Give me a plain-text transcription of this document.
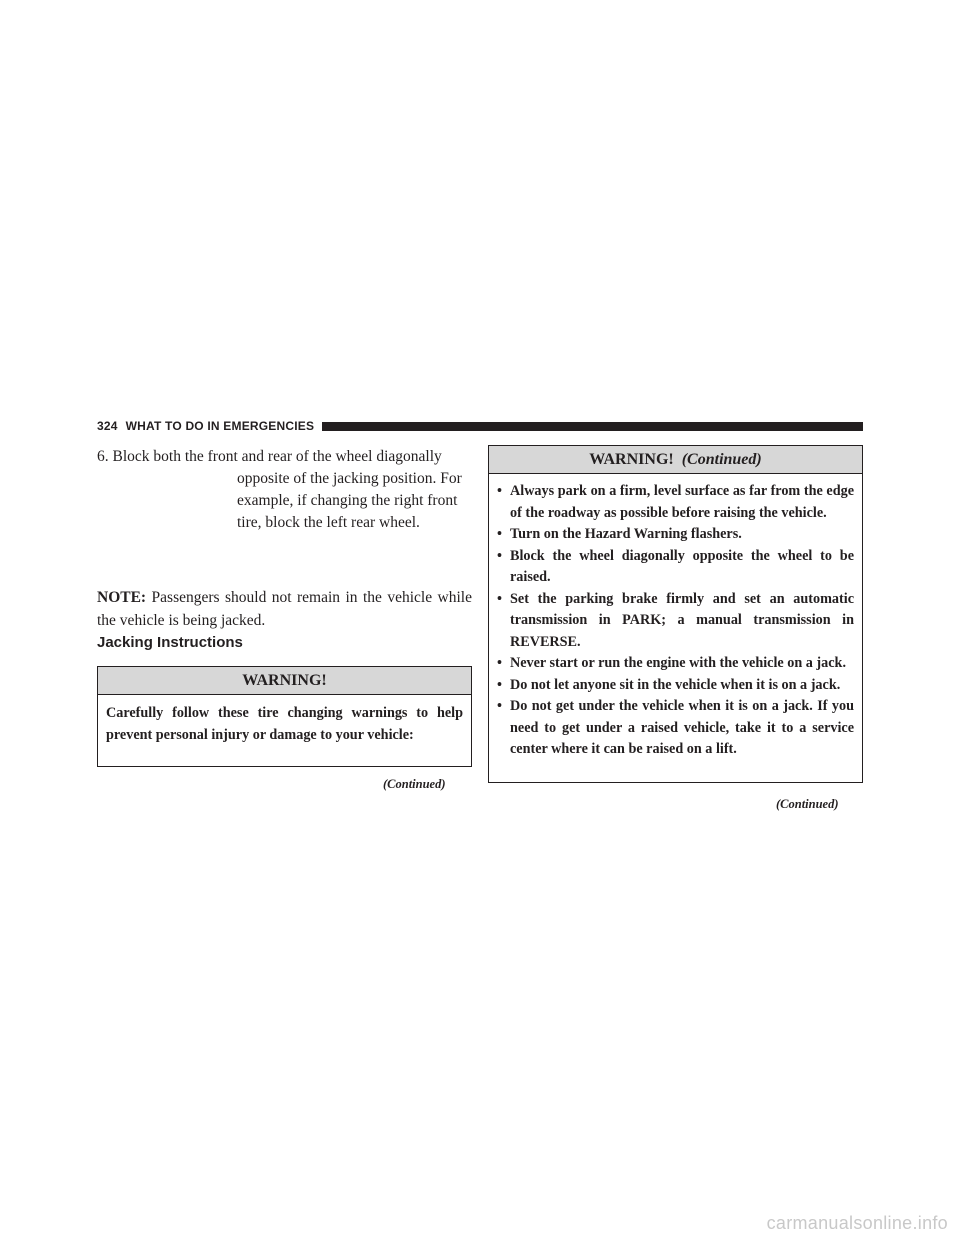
324 WHAT TO DO IN EMERGENCIES

6. Block both the front and rear of the wheel diagonally

opposite of the jacking position. For

example, if changing the right front

tire, block the left rear wheel.

NOTE: Passengers should not remain in the vehicle while the vehicle is being jacked.

Jacking Instructions
WARNING!
Carefully follow these tire changing warnings to help prevent personal injury or damage to your vehicle:
(Continued)
WARNING! (Continued)
• Always park on a firm, level surface as far from the edge of the roadway as possible before raising the vehicle.
• Turn on the Hazard Warning flashers.
• Block the wheel diagonally opposite the wheel to be raised.
• Set the parking brake firmly and set an automatic transmission in PARK; a manual transmission in REVERSE.
• Never start or run the engine with the vehicle on a jack.
• Do not let anyone sit in the vehicle when it is on a jack.
• Do not get under the vehicle when it is on a jack. If you need to get under a raised vehicle, take it to a service center where it can be raised on a lift.
(Continued)
carmanualsonline.info
